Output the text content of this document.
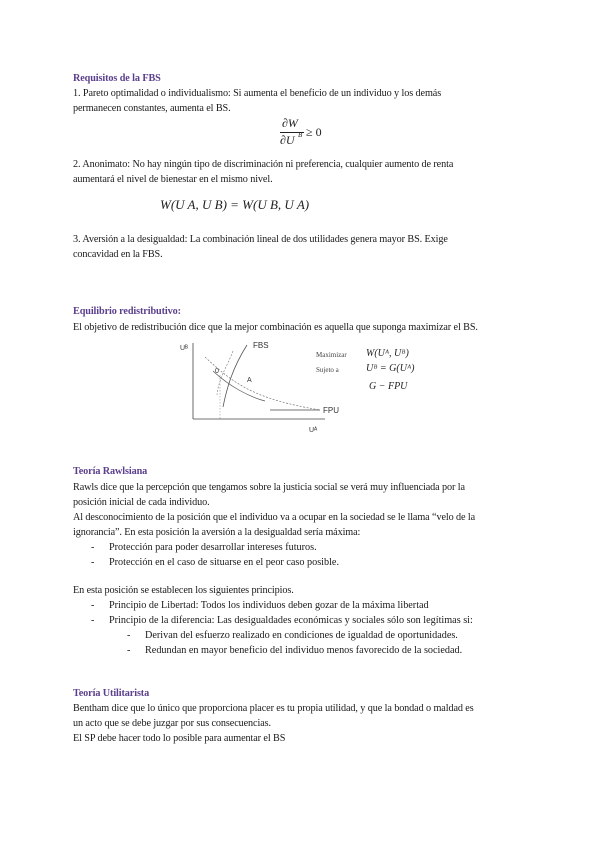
Requisitos de la FBS
1. Pareto optimalidad o individualismo: Si aumenta el beneficio de un individuo y los demás
permanecen constantes, aumenta el BS.
∂W
∂U B ≥ 0
2. Anonimato: No hay ningún tipo de discriminación ni preferencia, cualquier aumento de renta
aumentará el nivel de bienestar en el mismo nivel.
W(U A, U B) = W(U B, U A)
3. Aversión a la desigualdad: La combinación lineal de dos utilidades genera mayor BS. Exige
concavidad en la FBS.
Equilibrio redistributivo:
El objetivo de redistribución dice que la mejor combinación es aquella que suponga maximizar el BS.
Uᴮ
Uᴬ
FBS
FPU
A
0
Maximizar W(Uᴬ, Uᴮ)
Sujeto a	Uᴮ = G(Uᴬ)
G − FPU
Teoría Rawlsiana
Rawls dice que la percepción que tengamos sobre la justicia social se verá muy influenciada por la
posición inicial de cada individuo.
Al desconocimiento de la posición que el individuo va a ocupar en la sociedad se le llama “velo de la
ignorancia”. En esta posición la aversión a la desigualdad sería máxima:
- Protección para poder desarrollar intereses futuros.
- Protección en el caso de situarse en el peor caso posible.
En esta posición se establecen los siguientes principios.
- Principio de Libertad: Todos los individuos deben gozar de la máxima libertad
- Principio de la diferencia: Las desigualdades económicas y sociales sólo son legítimas si:
- Derivan del esfuerzo realizado en condiciones de igualdad de oportunidades.
- Redundan en mayor beneficio del individuo menos favorecido de la sociedad.
Teoría Utilitarista
Bentham dice que lo único que proporciona placer es tu propia utilidad, y que la bondad o maldad es
un acto que se debe juzgar por sus consecuencias.
El SP debe hacer todo lo posible para aumentar el BS
